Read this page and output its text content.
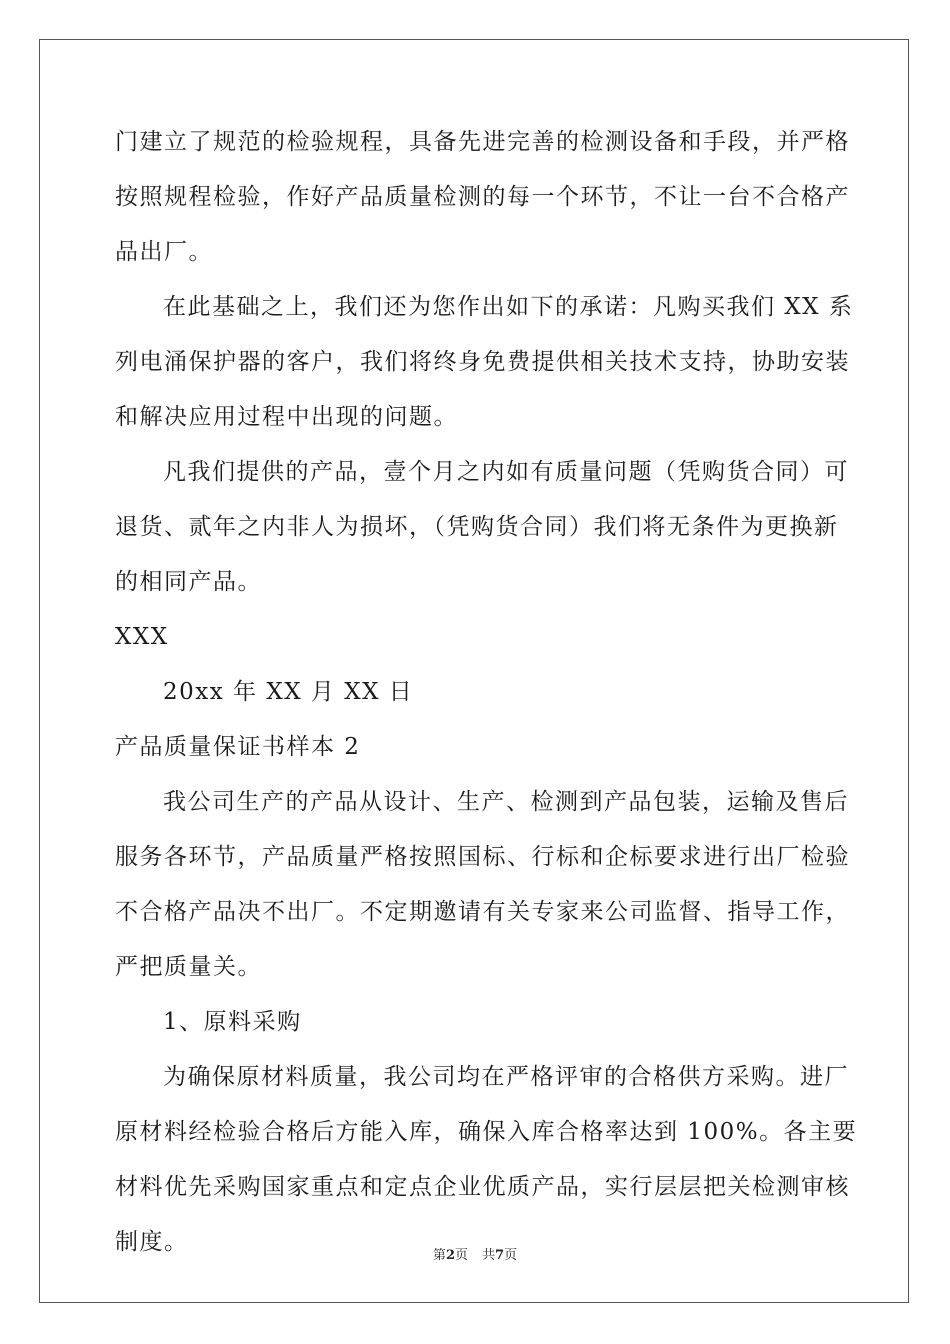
门建立了规范的检验规程，具备先进完善的检测设备和手段，并严格
按照规程检验，作好产品质量检测的每一个环节，不让一台不合格产
品出厂。
在此基础之上，我们还为您作出如下的承诺：凡购买我们 XX 系
列电涌保护器的客户，我们将终身免费提供相关技术支持，协助安装
和解决应用过程中出现的问题。
凡我们提供的产品，壹个月之内如有质量问题（凭购货合同）可
退货、贰年之内非人为损坏，（凭购货合同）我们将无条件为更换新
的相同产品。
XXX
20xx 年 XX 月 XX 日
产品质量保证书样本 2
我公司生产的产品从设计、生产、检测到产品包装，运输及售后
服务各环节，产品质量严格按照国标、行标和企标要求进行出厂检验
不合格产品决不出厂。不定期邀请有关专家来公司监督、指导工作，
严把质量关。
1、原料采购
为确保原材料质量，我公司均在严格评审的合格供方采购。进厂
原材料经检验合格后方能入库，确保入库合格率达到 100%。各主要
材料优先采购国家重点和定点企业优质产品，实行层层把关检测审核
制度。
第2页 共7页
